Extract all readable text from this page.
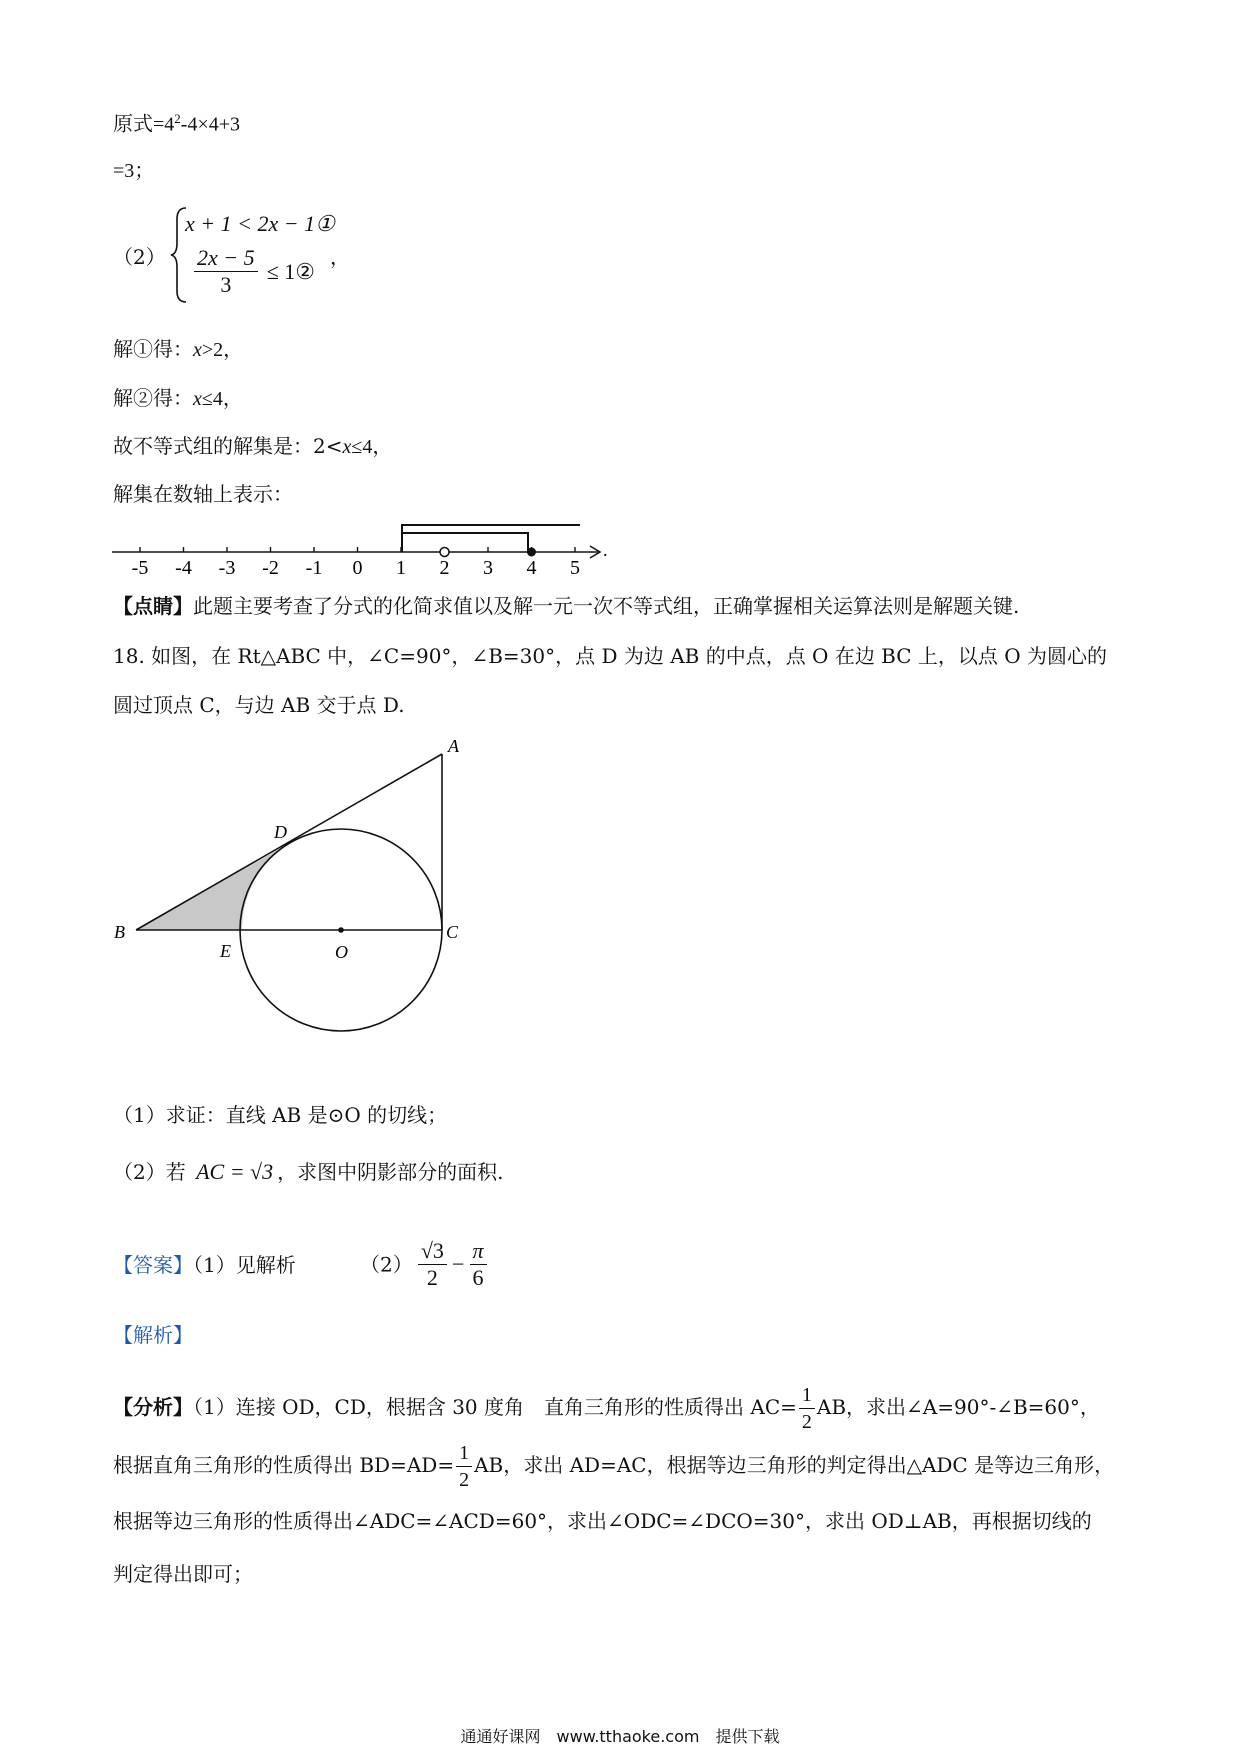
原式$=4^2-4\times 4+3$
=3；
（2）
x + 1 < 2x − 1①
$\frac{2x - 5}{3}$ ≤ 1②
，
解①得：x>2，
解②得：x≤4，
故不等式组的解集是：2<x≤4，
解集在数轴上表示：
-5 -4 -3 -2 -1 0 1 2 3 4 5
.
【点睛】此题主要考查了分式的化简求值以及解一元一次不等式组，正确掌握相关运算法则是解题关键.
18. 如图，在 Rt△ABC 中，∠C=90°，∠B=30°，点 D 为边 AB 的中点，点 O 在边 BC 上，以点 O 为圆心的
圆过顶点 C，与边 AB 交于点 D.
A
B	C
D
E	O
（1）求证：直线 AB 是⊙O 的切线；
（2）若 AC = √3 ，求图中阴影部分的面积.
【答案】（1）见解析	$(2) \frac{√3}{2} - \frac{\pi}{6}$
【解析】
【分析】（1）连接 OD，CD，根据含 30 度角　直角三角形的性质得出 $AC= \frac{1}{2}$ AB，求出∠A=90°-∠B=60°，
根据直角三角形的性质得出 $BD=AD= \frac{1}{2}$ AB，求出 AD=AC，根据等边三角形的判定得出△ADC 是等边三角形，
根据等边三角形的性质得出∠ADC=∠ACD=60°，求出∠ODC=∠DCO=30°，求出 OD⊥AB，再根据切线的
判定得出即可；
通通好课网　www.tthaoke.com　提供下载
